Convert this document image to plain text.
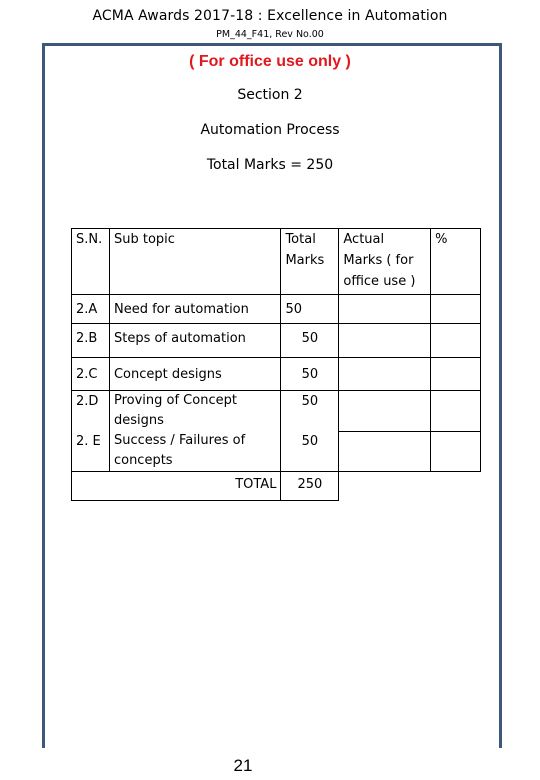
ACMA Awards 2017-18 : Excellence in Automation
PM_44_F41, Rev No.00
( For office use only )
Section 2
Automation Process
Total Marks = 250
S.N.	Sub topic	Total Marks	Actual Marks ( for office use )	%
2.A	Need for automation	50		
2.B	Steps of automation	50		
2.C	Concept designs	50		
2.D	Proving of Concept designs	50		
2. E	Success / Failures of concepts	50		
TOTAL		250		
21
